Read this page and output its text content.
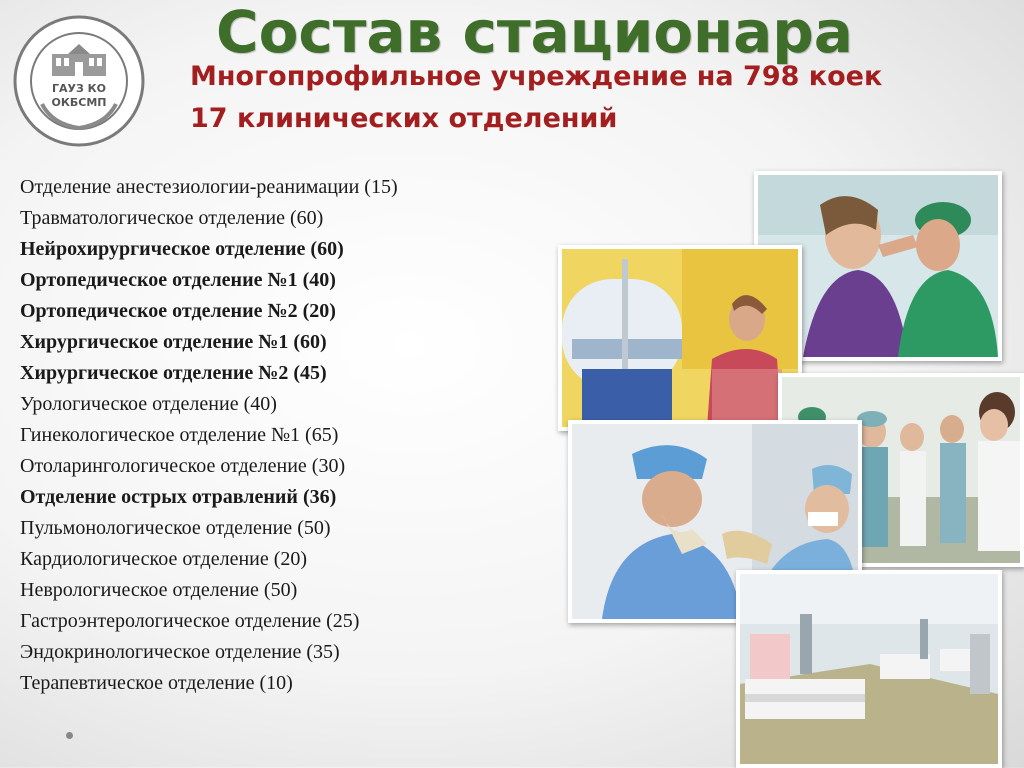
ГАУЗ КО
ОКБСМП
Состав стационара
Многопрофильное учреждение на 798 коек
17 клинических отделений
Отделение анестезиологии-реанимации (15)
Травматологическое отделение (60)
Нейрохирургическое отделение (60)
Ортопедическое отделение №1 (40)
Ортопедическое отделение №2 (20)
Хирургическое отделение №1 (60)
Хирургическое отделение №2 (45)
Урологическое отделение (40)
Гинекологическое отделение №1 (65)
Отоларингологическое отделение (30)
Отделение острых отравлений (36)
Пульмонологическое отделение (50)
Кардиологическое отделение (20)
Неврологическое отделение (50)
Гастроэнтерологическое отделение (25)
Эндокринологическое отделение (35)
Терапевтическое отделение (10)
